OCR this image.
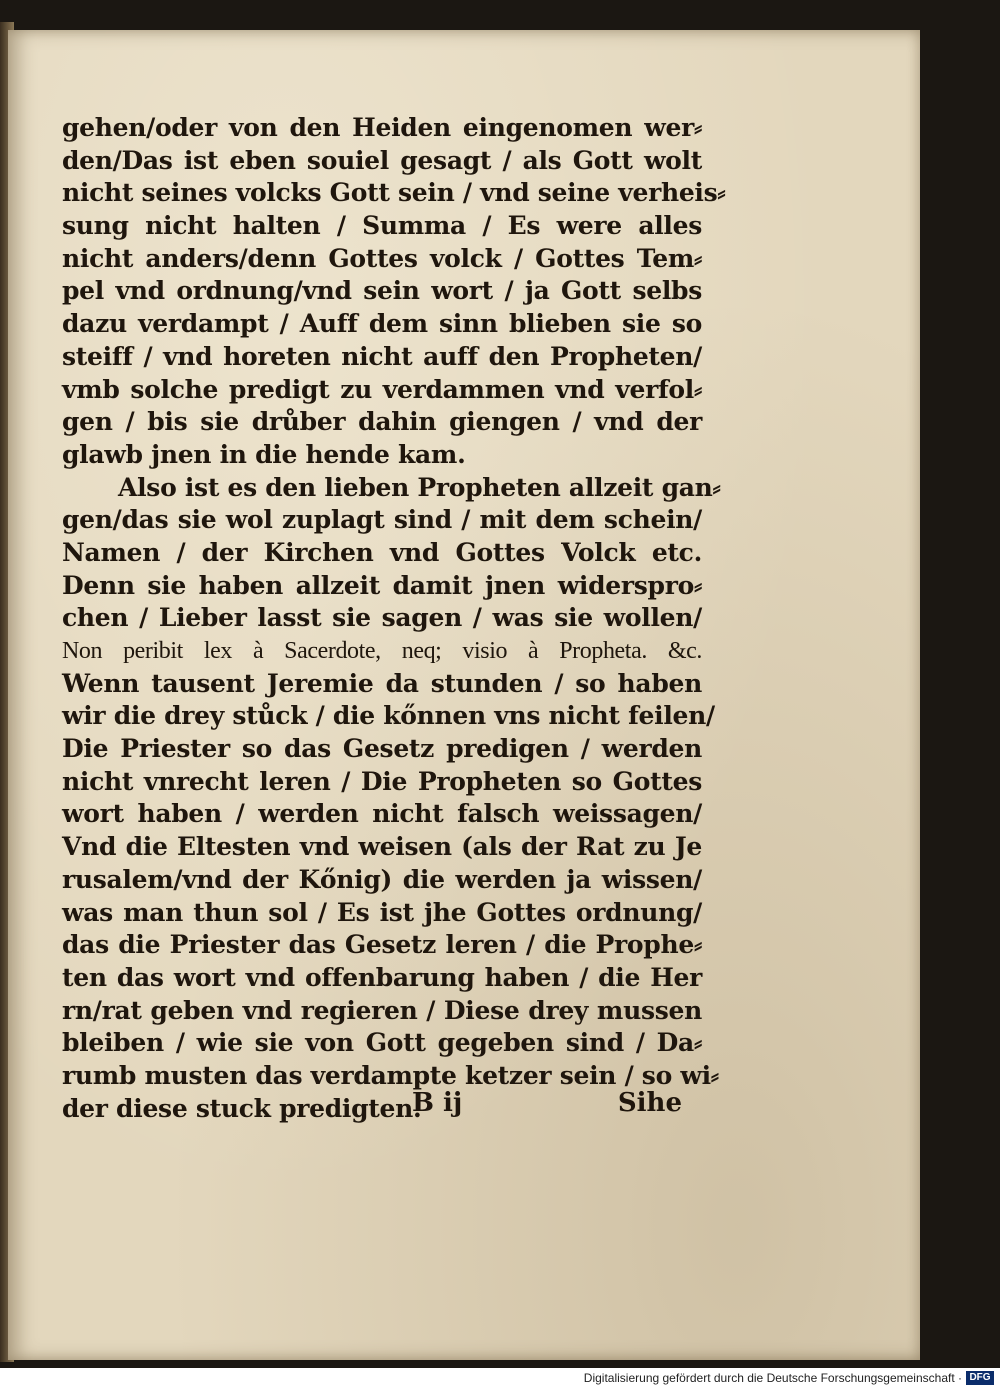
gehen/oder von den Heiden eingenomen wer⸗
den/Das ist eben souiel gesagt / als Gott wolt
nicht seines volcks Gott sein / vnd seine verheis⸗
sung nicht halten / Summa / Es were alles
nicht anders/denn Gottes volck / Gottes Tem⸗
pel vnd ordnung/vnd sein wort / ja Gott selbs
dazu verdampt / Auff dem sinn blieben sie so
steiff / vnd horeten nicht auff den Propheten/
vmb solche predigt zu verdammen vnd verfol⸗
gen / bis sie drůber dahin giengen / vnd der
glawb jnen in die hende kam.
Also ist es den lieben Propheten allzeit gan⸗
gen/das sie wol zuplagt sind / mit dem schein/
Namen / der Kirchen vnd Gottes Volck etc.
Denn sie haben allzeit damit jnen widerspro⸗
chen / Lieber lasst sie sagen / was sie wollen/
Non peribit lex à Sacerdote, neq; visio à Propheta. &c.
Wenn tausent Jeremie da stunden / so haben
wir die drey stůck / die kőnnen vns nicht feilen/
Die Priester so das Gesetz predigen / werden
nicht vnrecht leren / Die Propheten so Gottes
wort haben / werden nicht falsch weissagen/
Vnd die Eltesten vnd weisen (als der Rat zu Je
rusalem/vnd der Kőnig) die werden ja wissen/
was man thun sol / Es ist jhe Gottes ordnung/
das die Priester das Gesetz leren / die Prophe⸗
ten das wort vnd offenbarung haben / die Her
rn/rat geben vnd regieren / Diese drey mussen
bleiben / wie sie von Gott gegeben sind / Da⸗
rumb musten das verdampte ketzer sein / so wi⸗
der diese stuck predigten.
B ij	Sihe
Digitalisierung gefördert durch die Deutsche Forschungsgemeinschaft · DFG
